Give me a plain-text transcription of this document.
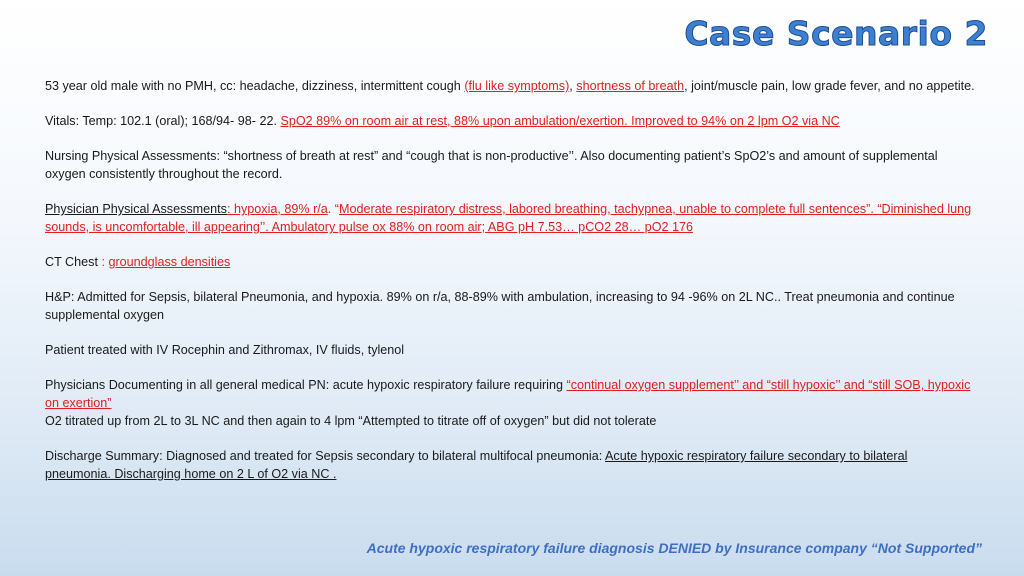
Case Scenario 2

53 year old male with no PMH, cc: headache, dizziness, intermittent cough (flu like symptoms), shortness of breath, joint/muscle pain, low grade fever, and no appetite.

Vitals: Temp: 102.1 (oral); 168/94- 98- 22. SpO2 89% on room air at rest, 88% upon ambulation/exertion. Improved to 94% on 2 lpm O2 via NC

Nursing Physical Assessments: “shortness of breath at rest” and “cough that is non-productive’’. Also documenting patient’s SpO2’s and amount of supplemental oxygen consistently throughout the record.

Physician Physical Assessments: hypoxia, 89% r/a. “Moderate respiratory distress, labored breathing, tachypnea, unable to complete full sentences”. “Diminished lung sounds, is uncomfortable, ill appearing’’. Ambulatory pulse ox 88% on room air; ABG pH 7.53… pCO2 28… pO2 176

CT Chest : groundglass densities

H&P: Admitted for Sepsis, bilateral Pneumonia, and hypoxia. 89% on r/a, 88-89% with ambulation, increasing to 94 -96% on 2L NC.. Treat pneumonia and continue supplemental oxygen

Patient treated with IV Rocephin and Zithromax, IV fluids, tylenol

Physicians Documenting in all general medical PN: acute hypoxic respiratory failure requiring “continual oxygen supplement’’ and “still hypoxic’’ and “still SOB, hypoxic on exertion”
O2 titrated up from 2L to 3L NC and then again to 4 lpm “Attempted to titrate off of oxygen” but did not tolerate

Discharge Summary: Diagnosed and treated for Sepsis secondary to bilateral multifocal pneumonia: Acute hypoxic respiratory failure secondary to bilateral pneumonia. Discharging home on 2 L of O2 via NC .

Acute hypoxic respiratory failure diagnosis DENIED by Insurance company “Not Supported”
